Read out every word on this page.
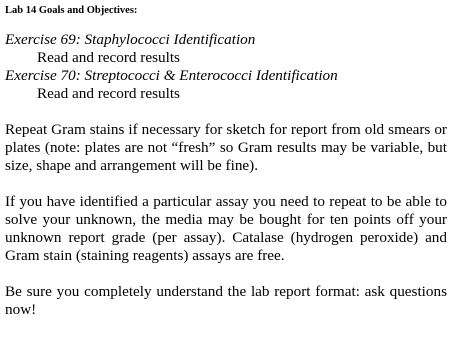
Lab 14 Goals and Objectives:
Exercise 69: Staphylococci Identification
Read and record results
Exercise 70: Streptococci & Enterococci Identification
Read and record results
Repeat Gram stains if necessary for sketch for report from old smears or plates (note: plates are not “fresh” so Gram results may be variable, but size, shape and arrangement will be fine).
If you have identified a particular assay you need to repeat to be able to solve your unknown, the media may be bought for ten points off your unknown report grade (per assay). Catalase (hydrogen peroxide) and Gram stain (staining reagents) assays are free.
Be sure you completely understand the lab report format: ask questions now!
